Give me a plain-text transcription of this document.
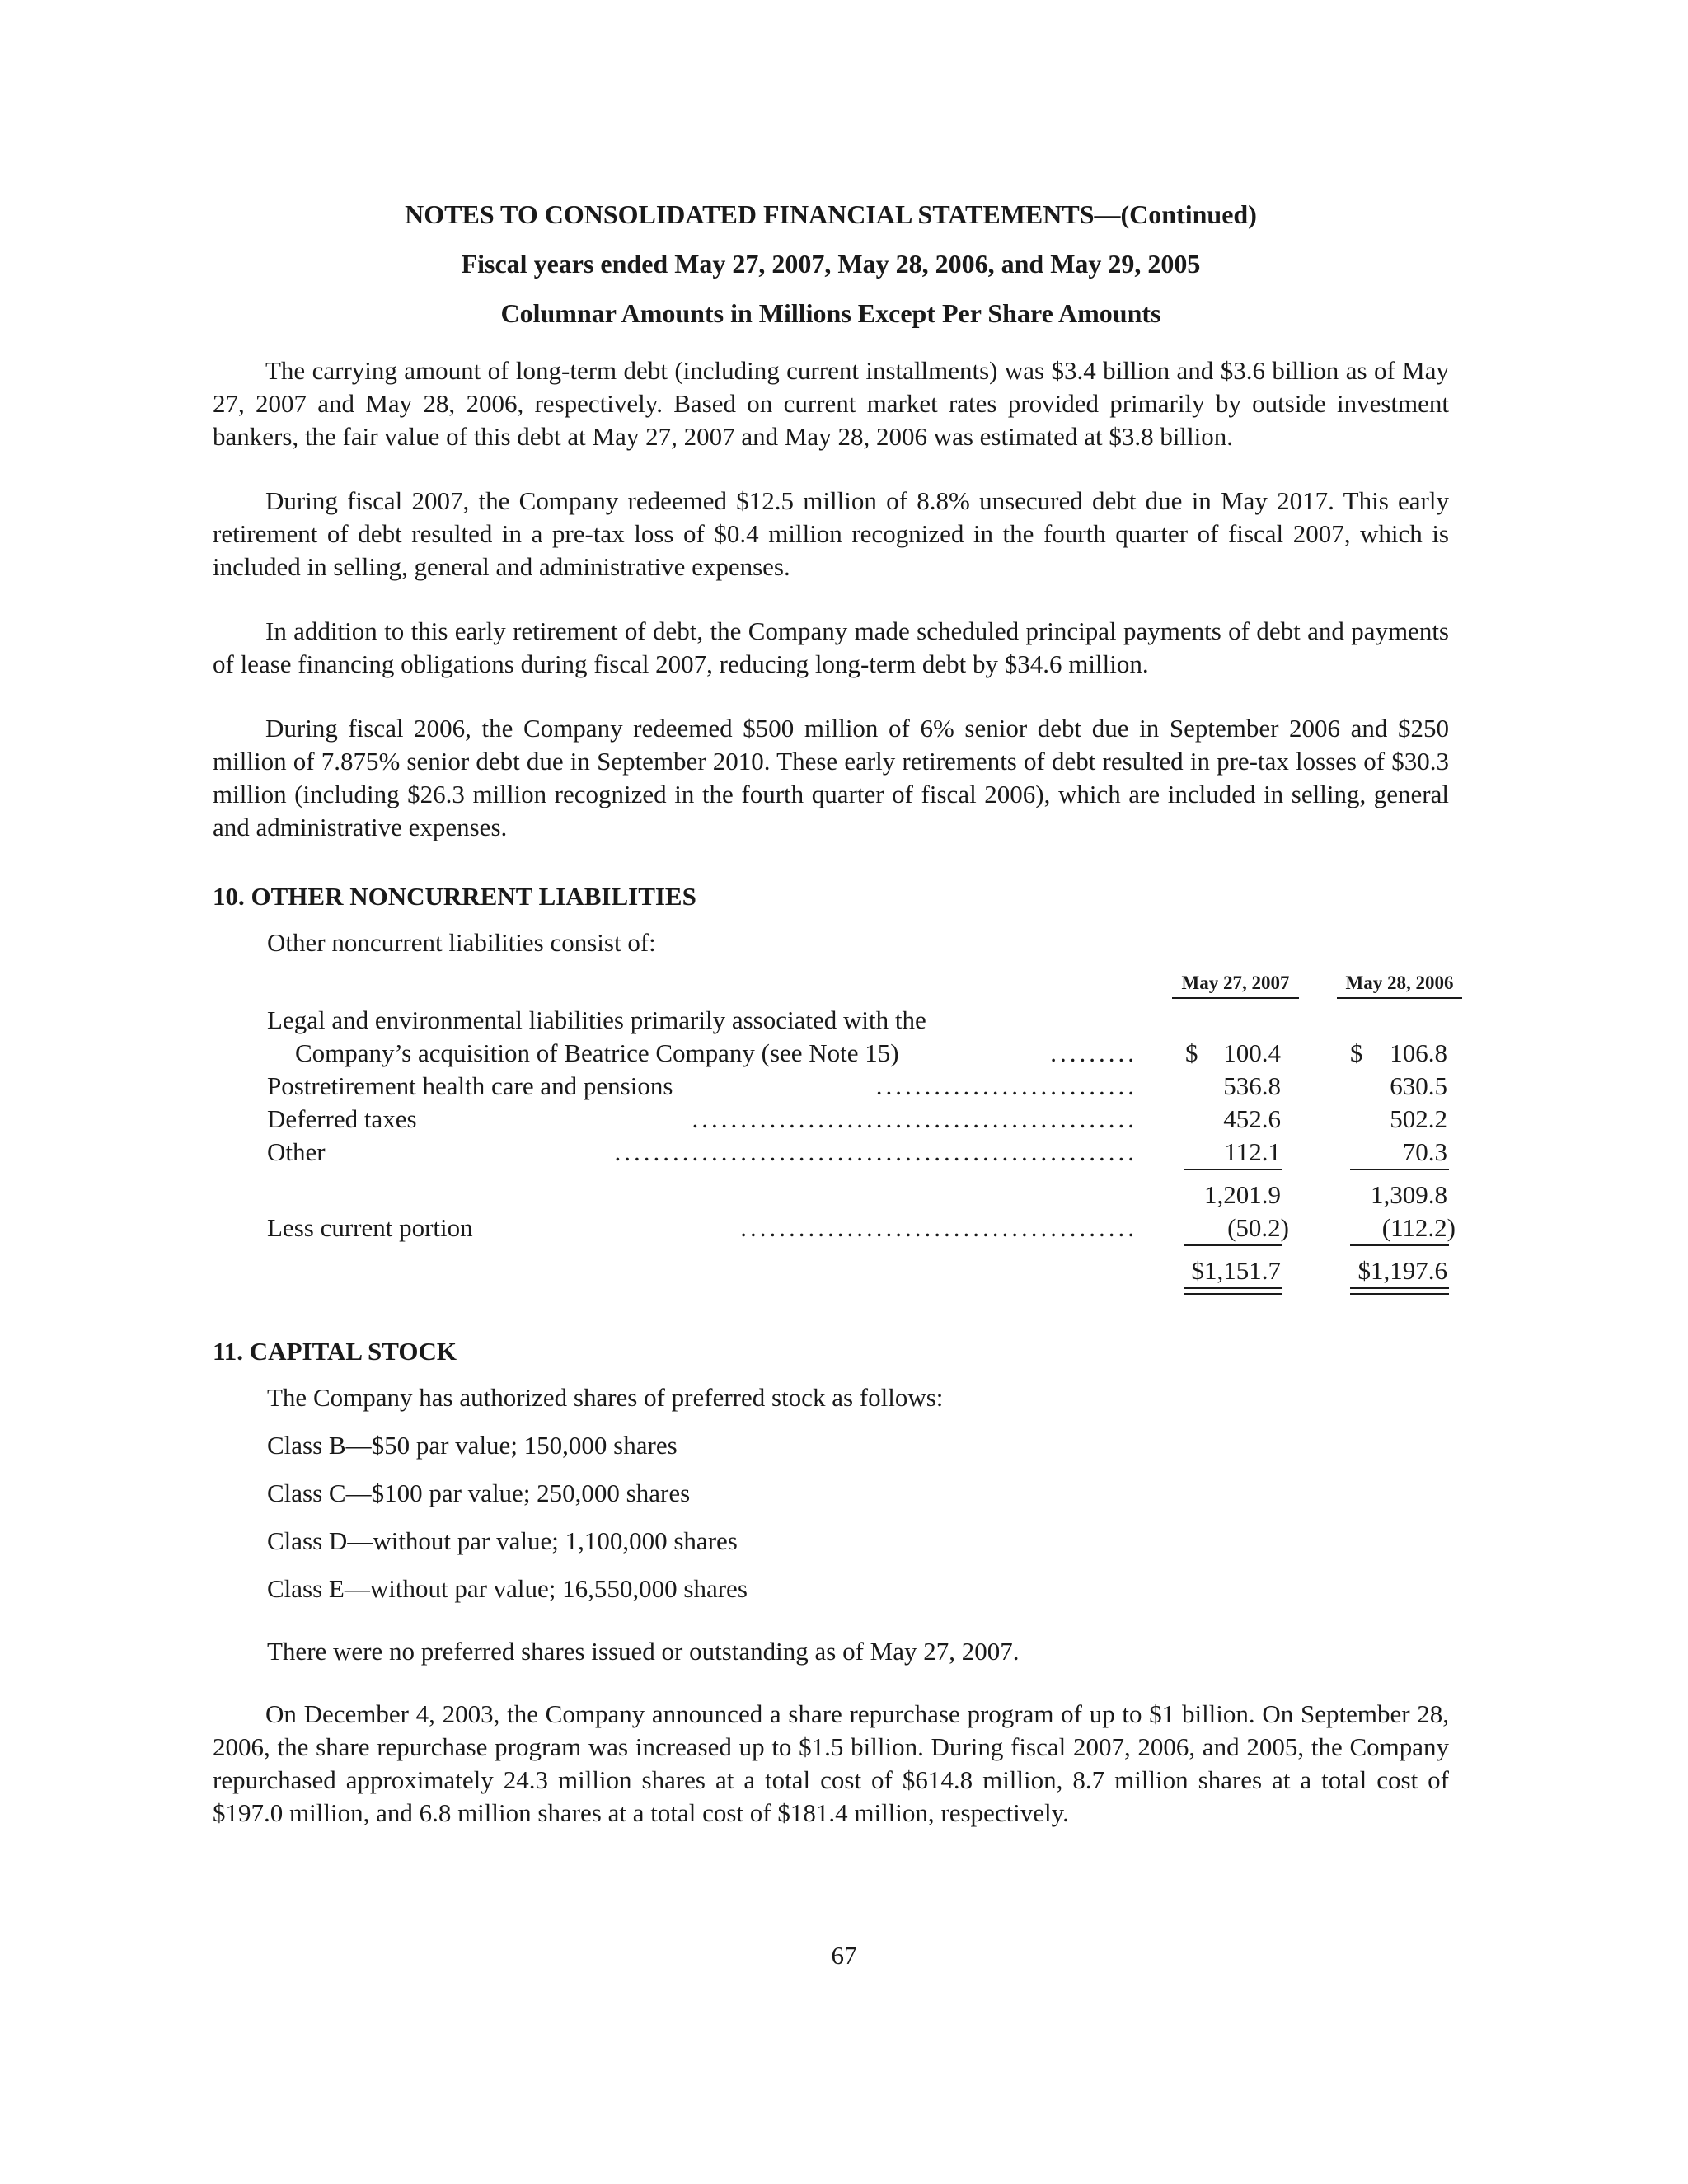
NOTES TO CONSOLIDATED FINANCIAL STATEMENTS—(Continued)
Fiscal years ended May 27, 2007, May 28, 2006, and May 29, 2005
Columnar Amounts in Millions Except Per Share Amounts

The carrying amount of long-term debt (including current installments) was $3.4 billion and $3.6 billion as of May 27, 2007 and May 28, 2006, respectively. Based on current market rates provided primarily by outside investment bankers, the fair value of this debt at May 27, 2007 and May 28, 2006 was estimated at $3.8 billion.

During fiscal 2007, the Company redeemed $12.5 million of 8.8% unsecured debt due in May 2017. This early retirement of debt resulted in a pre-tax loss of $0.4 million recognized in the fourth quarter of fiscal 2007, which is included in selling, general and administrative expenses.

In addition to this early retirement of debt, the Company made scheduled principal payments of debt and payments of lease financing obligations during fiscal 2007, reducing long-term debt by $34.6 million.

During fiscal 2006, the Company redeemed $500 million of 6% senior debt due in September 2006 and $250 million of 7.875% senior debt due in September 2010. These early retirements of debt resulted in pre-tax losses of $30.3 million (including $26.3 million recognized in the fourth quarter of fiscal 2006), which are included in selling, general and administrative expenses.

10. OTHER NONCURRENT LIABILITIES
Other noncurrent liabilities consist of:
May 27, 2007	May 28, 2006
Legal and environmental liabilities primarily associated with the
Company’s acquisition of Beatrice Company (see Note 15)	......... $ 100.4	$	106.8
Postretirement health care and pensions	...........................	536.8	630.5
Deferred taxes	..............................................	452.6	502.2
Other	......................................................	112.1	70.3
1,201.9	1,309.8
Less current portion	.........................................	(50.2)	(112.2)
$1,151.7	$1,197.6
11. CAPITAL STOCK
The Company has authorized shares of preferred stock as follows:
Class B—$50 par value; 150,000 shares
Class C—$100 par value; 250,000 shares
Class D—without par value; 1,100,000 shares
Class E—without par value; 16,550,000 shares
There were no preferred shares issued or outstanding as of May 27, 2007.

On December 4, 2003, the Company announced a share repurchase program of up to $1 billion. On September 28, 2006, the share repurchase program was increased up to $1.5 billion. During fiscal 2007, 2006, and 2005, the Company repurchased approximately 24.3 million shares at a total cost of $614.8 million, 8.7 million shares at a total cost of $197.0 million, and 6.8 million shares at a total cost of $181.4 million, respectively.

67
